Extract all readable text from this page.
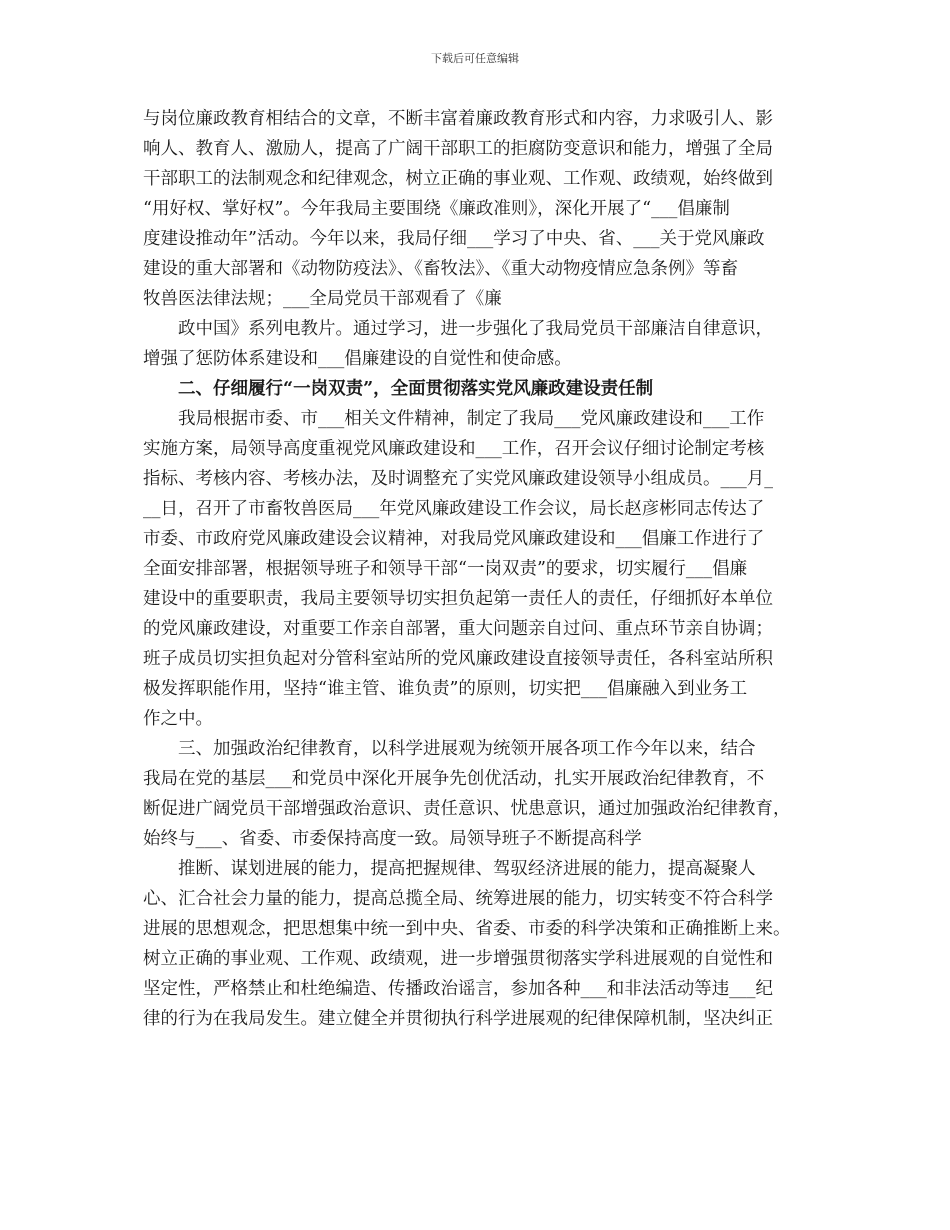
下载后可任意编辑
与岗位廉政教育相结合的文章，不断丰富着廉政教育形式和内容，力求吸引人、影
响人、教育人、激励人，提高了广阔干部职工的拒腐防变意识和能力，增强了全局
干部职工的法制观念和纪律观念，树立正确的事业观、工作观、政绩观，始终做到
“用好权、掌好权”。今年我局主要围绕《廉政准则》，深化开展了“___倡廉制
度建设推动年”活动。今年以来，我局仔细___学习了中央、省、___关于党风廉政
建设的重大部署和《动物防疫法》、《畜牧法》、《重大动物疫情应急条例》等畜
牧兽医法律法规；___全局党员干部观看了《廉
政中国》系列电教片。通过学习，进一步强化了我局党员干部廉洁自律意识，
增强了惩防体系建设和___倡廉建设的自觉性和使命感。
二、仔细履行“一岗双责”，全面贯彻落实党风廉政建设责任制
我局根据市委、市___相关文件精神，制定了我局___党风廉政建设和___工作
实施方案，局领导高度重视党风廉政建设和___工作，召开会议仔细讨论制定考核
指标、考核内容、考核办法，及时调整充了实党风廉政建设领导小组成员。___月_
__日，召开了市畜牧兽医局___年党风廉政建设工作会议，局长赵彦彬同志传达了
市委、市政府党风廉政建设会议精神，对我局党风廉政建设和___倡廉工作进行了
全面安排部署，根据领导班子和领导干部“一岗双责”的要求，切实履行___倡廉
建设中的重要职责，我局主要领导切实担负起第一责任人的责任，仔细抓好本单位
的党风廉政建设，对重要工作亲自部署，重大问题亲自过问、重点环节亲自协调；
班子成员切实担负起对分管科室站所的党风廉政建设直接领导责任，各科室站所积
极发挥职能作用，坚持“谁主管、谁负责”的原则，切实把___倡廉融入到业务工
作之中。
三、加强政治纪律教育，以科学进展观为统领开展各项工作今年以来，结合
我局在党的基层___和党员中深化开展争先创优活动，扎实开展政治纪律教育，不
断促进广阔党员干部增强政治意识、责任意识、忧患意识，通过加强政治纪律教育，
始终与___、省委、市委保持高度一致。局领导班子不断提高科学
推断、谋划进展的能力，提高把握规律、驾驭经济进展的能力，提高凝聚人
心、汇合社会力量的能力，提高总揽全局、统筹进展的能力，切实转变不符合科学
进展的思想观念，把思想集中统一到中央、省委、市委的科学决策和正确推断上来。
树立正确的事业观、工作观、政绩观，进一步增强贯彻落实学科进展观的自觉性和
坚定性，严格禁止和杜绝编造、传播政治谣言，参加各种___和非法活动等违___纪
律的行为在我局发生。建立健全并贯彻执行科学进展观的纪律保障机制，坚决纠正
